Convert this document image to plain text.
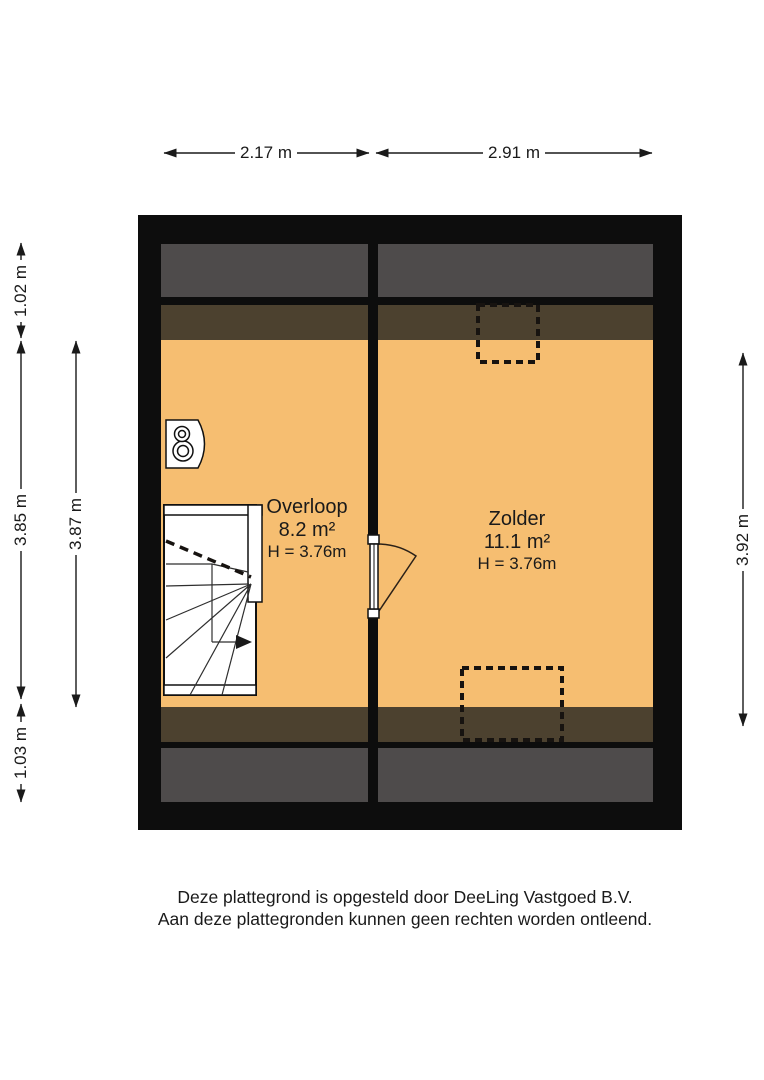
2.17 m	2.91 m
1.02 m
3.85 m
1.03 m
3.87 m	3.92 m
Overloop
8.2 m²
H = 3.76m
Zolder
11.1 m²
H = 3.76m
Deze plattegrond is opgesteld door DeeLing Vastgoed B.V.
Aan deze plattegronden kunnen geen rechten worden ontleend.
